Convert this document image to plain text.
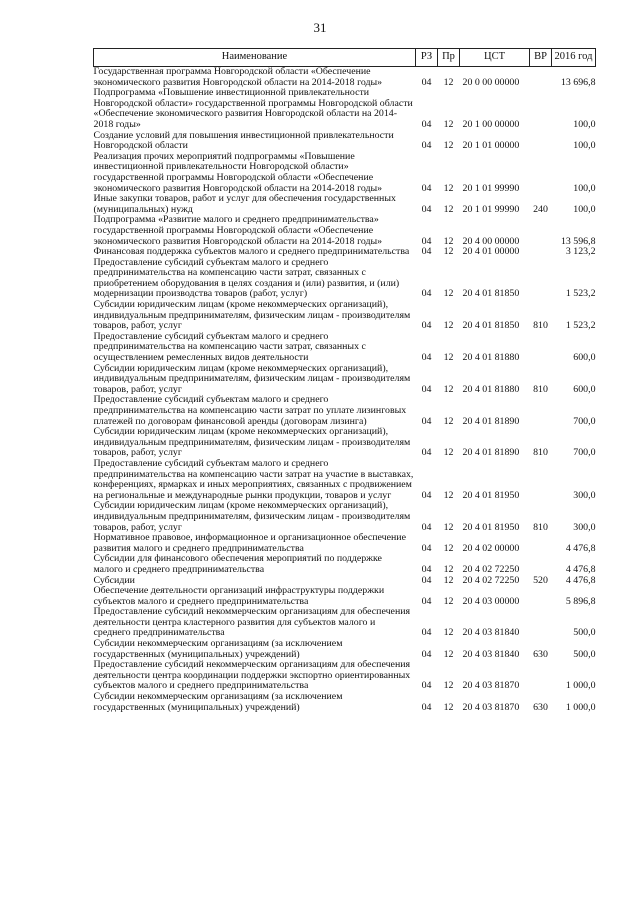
31
Наименование	РЗ	Пр	ЦСТ	ВР	2016 год
Государственная программа Новгородской области «Обеспечение экономического развития Новгородской области на 2014-2018 годы»	04	12	20 0 00 00000		13 696,8
Подпрограмма «Повышение инвестиционной привлекательности Новгородской области» государственной программы Новгородской области «Обеспечение экономического развития Новгородской области на 2014-2018 годы»	04	12	20 1 00 00000		100,0
Создание условий для повышения инвестиционной привлекательности Новгородской области	04	12	20 1 01 00000		100,0
Реализация прочих мероприятий подпрограммы «Повышение инвестиционной привлекательности Новгородской области» государственной программы Новгородской области «Обеспечение экономического развития Новгородской области на 2014-2018 годы»	04	12	20 1 01 99990		100,0
Иные закупки товаров, работ и услуг для обеспечения государственных (муниципальных) нужд	04	12	20 1 01 99990	240	100,0
Подпрограмма «Развитие малого и среднего предпринимательства» государственной программы Новгородской области «Обеспечение экономического развития Новгородской области на 2014-2018 годы»	04	12	20 4 00 00000		13 596,8
Финансовая поддержка субъектов малого и среднего предпринимательства	04	12	20 4 01 00000		3 123,2
Предоставление субсидий субъектам малого и среднего предпринимательства на компенсацию части затрат, связанных с приобретением оборудования в целях создания и (или) развития, и (или) модернизации производства товаров (работ, услуг)	04	12	20 4 01 81850		1 523,2
Субсидии юридическим лицам (кроме некоммерческих организаций), индивидуальным предпринимателям, физическим лицам - производителям товаров, работ, услуг	04	12	20 4 01 81850	810	1 523,2
Предоставление субсидий субъектам малого и среднего предпринимательства на компенсацию части затрат, связанных с осуществлением ремесленных видов деятельности	04	12	20 4 01 81880		600,0
Субсидии юридическим лицам (кроме некоммерческих организаций), индивидуальным предпринимателям, физическим лицам - производителям товаров, работ, услуг	04	12	20 4 01 81880	810	600,0
Предоставление субсидий субъектам малого и среднего предпринимательства на компенсацию части затрат по уплате лизинговых платежей по договорам финансовой аренды (договорам лизинга)	04	12	20 4 01 81890		700,0
Субсидии юридическим лицам (кроме некоммерческих организаций), индивидуальным предпринимателям, физическим лицам - производителям товаров, работ, услуг	04	12	20 4 01 81890	810	700,0
Предоставление субсидий субъектам малого и среднего предпринимательства на компенсацию части затрат на участие в выставках, конференциях, ярмарках и иных мероприятиях, связанных с продвижением на региональные и международные рынки продукции, товаров и услуг	04	12	20 4 01 81950		300,0
Субсидии юридическим лицам (кроме некоммерческих организаций), индивидуальным предпринимателям, физическим лицам - производителям товаров, работ, услуг	04	12	20 4 01 81950	810	300,0
Нормативное правовое, информационное и организационное обеспечение развития малого и среднего предпринимательства	04	12	20 4 02 00000		4 476,8
Субсидии для финансового обеспечения мероприятий по поддержке малого и среднего предпринимательства	04	12	20 4 02 72250		4 476,8
Субсидии	04	12	20 4 02 72250	520	4 476,8
Обеспечение деятельности организаций инфраструктуры поддержки субъектов малого и среднего предпринимательства	04	12	20 4 03 00000		5 896,8
Предоставление субсидий некоммерческим организациям для обеспечения деятельности центра кластерного развития для субъектов малого и среднего предпринимательства	04	12	20 4 03 81840		500,0
Субсидии некоммерческим организациям (за исключением государственных (муниципальных) учреждений)	04	12	20 4 03 81840	630	500,0
Предоставление субсидий некоммерческим организациям для обеспечения деятельности центра координации поддержки экспортно ориентированных субъектов малого и среднего предпринимательства	04	12	20 4 03 81870		1 000,0
Субсидии некоммерческим организациям (за исключением государственных (муниципальных) учреждений)	04	12	20 4 03 81870	630	1 000,0
